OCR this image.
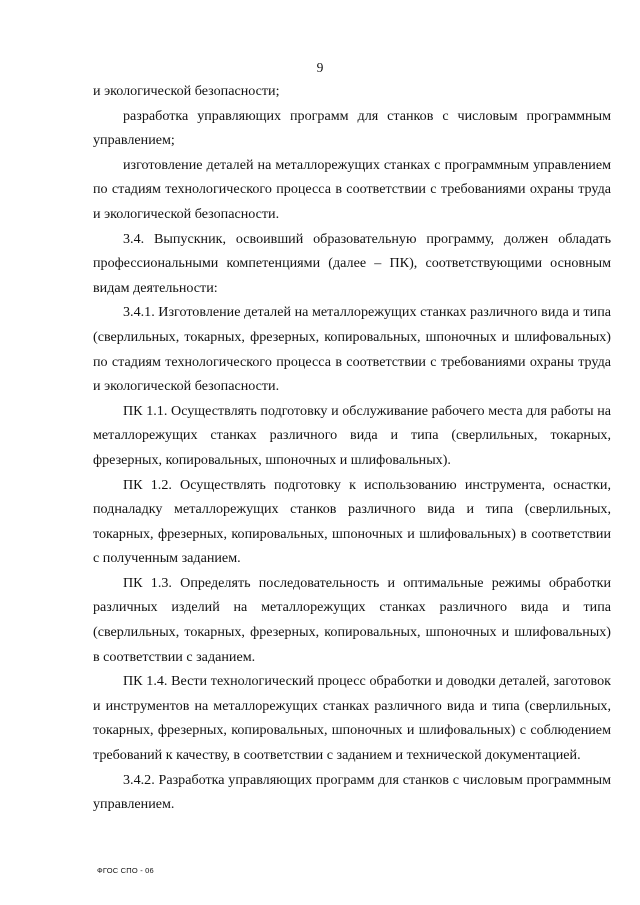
9

и экологической безопасности;

разработка управляющих программ для станков с числовым программным управлением;

изготовление деталей на металлорежущих станках с программным управлением по стадиям технологического процесса в соответствии с требованиями охраны труда и экологической безопасности.

3.4. Выпускник, освоивший образовательную программу, должен обладать профессиональными компетенциями (далее – ПК), соответствующими основным видам деятельности:

3.4.1. Изготовление деталей на металлорежущих станках различного вида и типа (сверлильных, токарных, фрезерных, копировальных, шпоночных и шлифовальных) по стадиям технологического процесса в соответствии с требованиями охраны труда и экологической безопасности.

ПК 1.1. Осуществлять подготовку и обслуживание рабочего места для работы на металлорежущих станках различного вида и типа (сверлильных, токарных, фрезерных, копировальных, шпоночных и шлифовальных).

ПК 1.2. Осуществлять подготовку к использованию инструмента, оснастки, подналадку металлорежущих станков различного вида и типа (сверлильных, токарных, фрезерных, копировальных, шпоночных и шлифовальных) в соответствии с полученным заданием.

ПК 1.3. Определять последовательность и оптимальные режимы обработки различных изделий на металлорежущих станках различного вида и типа (сверлильных, токарных, фрезерных, копировальных, шпоночных и шлифовальных) в соответствии с заданием.

ПК 1.4. Вести технологический процесс обработки и доводки деталей, заготовок и инструментов на металлорежущих станках различного вида и типа (сверлильных, токарных, фрезерных, копировальных, шпоночных и шлифовальных) с соблюдением требований к качеству, в соответствии с заданием и технической документацией.

3.4.2. Разработка управляющих программ для станков с числовым программным управлением.

ФГОС СПО - 06
